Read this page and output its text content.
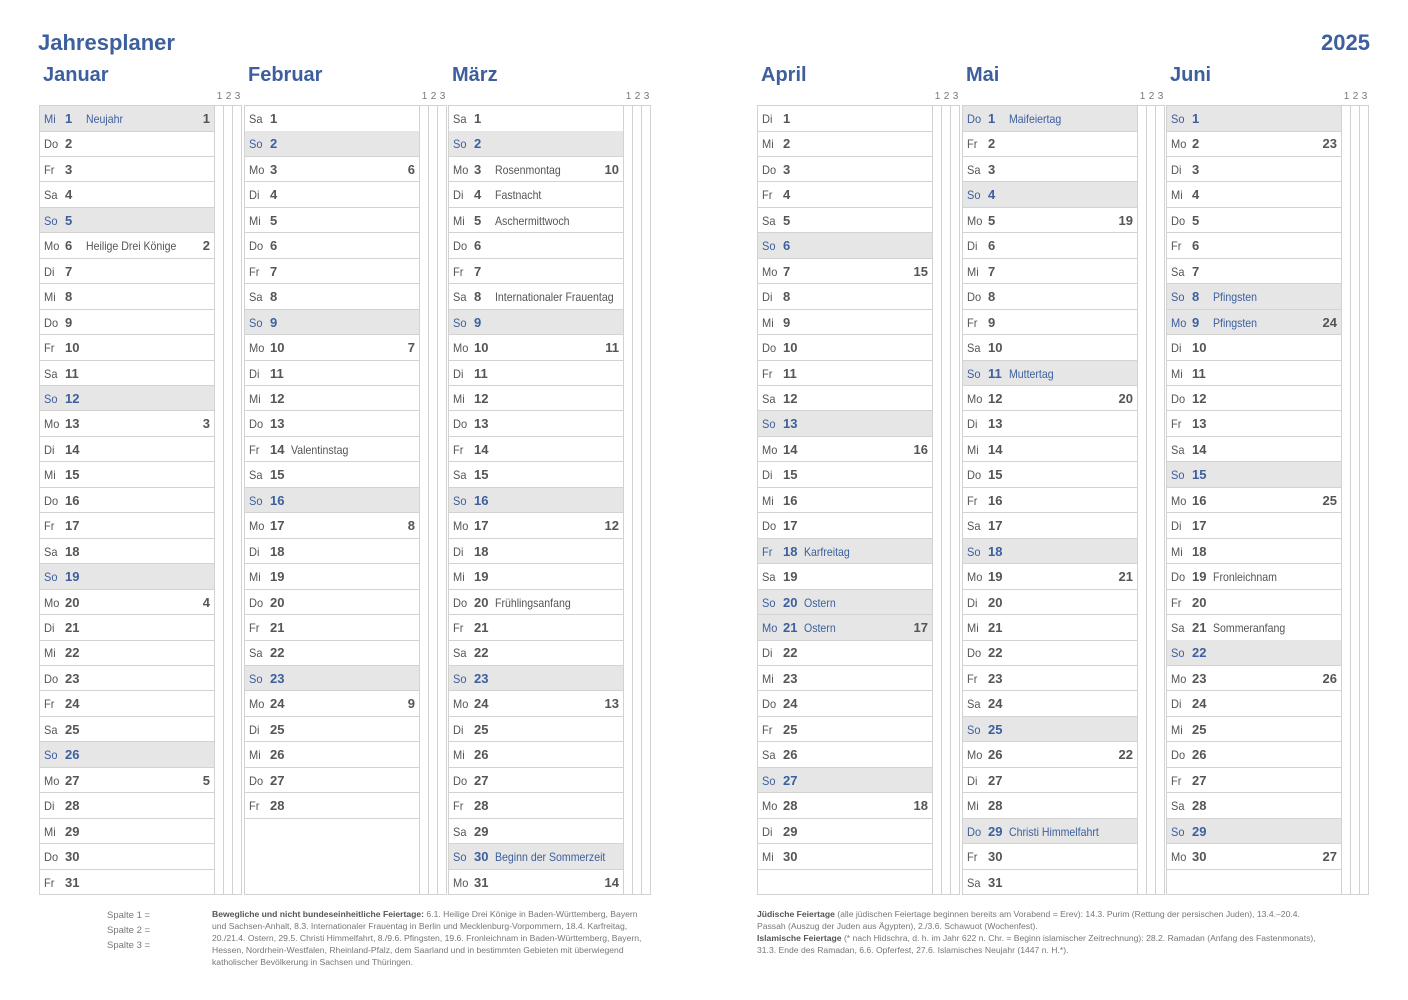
Jahresplaner	2025
Januar
1 2 3
Mi 1 Neujahr	1
Do 2
Fr 3
Sa 4
So 5
Mo 6 Heilige Drei Könige 2
Di 7
Mi 8
Do 9
Fr 10
Sa 11
So 12
Mo 13	3
Di 14
Mi 15
Do 16
Fr 17
Sa 18
So 19
Mo 20	4
Di 21
Mi 22
Do 23
Fr 24
Sa 25
So 26
Mo 27	5
Di 28
Mi 29
Do 30
Fr 31
Februar
1 2 3
Sa 1
So 2
Mo 3	6
Di 4
Mi 5
Do 6
Fr 7
Sa 8
So 9
Mo 10	7
Di 11
Mi 12
Do 13
Fr 14 Valentinstag
Sa 15
So 16
Mo 17	8
Di 18
Mi 19
Do 20
Fr 21
Sa 22
So 23
Mo 24	9
Di 25
Mi 26
Do 27
Fr 28
März
1 2 3
Sa 1
So 2
Mo 3 Rosenmontag	10
Di 4 Fastnacht
Mi 5 Aschermittwoch
Do 6
Fr 7
Sa 8 Internationaler Frauentag
So 9
Mo 10	11
Di 11
Mi 12
Do 13
Fr 14
Sa 15
So 16
Mo 17	12
Di 18
Mi 19
Do 20 Frühlingsanfang
Fr 21
Sa 22
So 23
Mo 24	13
Di 25
Mi 26
Do 27
Fr 28
Sa 29
So 30 Beginn der Sommerzeit
Mo 31	14
April
1 2 3
Di 1
Mi 2
Do 3
Fr 4
Sa 5
So 6
Mo 7	15
Di 8
Mi 9
Do 10
Fr 11
Sa 12
So 13
Mo 14	16
Di 15
Mi 16
Do 17
Fr 18 Karfreitag
Sa 19
So 20 Ostern
Mo 21 Ostern	17
Di 22
Mi 23
Do 24
Fr 25
Sa 26
So 27
Mo 28	18
Di 29
Mi 30
Mai
1 2 3
Do 1 Maifeiertag
Fr 2
Sa 3
So 4
Mo 5	19
Di 6
Mi 7
Do 8
Fr 9
Sa 10
So 11 Muttertag
Mo 12	20
Di 13
Mi 14
Do 15
Fr 16
Sa 17
So 18
Mo 19	21
Di 20
Mi 21
Do 22
Fr 23
Sa 24
So 25
Mo 26	22
Di 27
Mi 28
Do 29 Christi Himmelfahrt
Fr 30
Sa 31
Juni
1 2 3
So 1
Mo 2	23
Di 3
Mi 4
Do 5
Fr 6
Sa 7
So 8 Pfingsten
Mo 9 Pfingsten	24
Di 10
Mi 11
Do 12
Fr 13
Sa 14
So 15
Mo 16	25
Di 17
Mi 18
Do 19 Fronleichnam
Fr 20
Sa 21 Sommeranfang
So 22
Mo 23	26
Di 24
Mi 25
Do 26
Fr 27
Sa 28
So 29
Mo 30	27
Spalte 1 =
Spalte 2 =
Spalte 3 =
Bewegliche und nicht bundeseinheitliche Feiertage: 6.1. Heilige Drei Könige in Baden-Württemberg, Bayern und Sachsen-Anhalt, 8.3. Internationaler Frauentag in Berlin und Mecklenburg-Vorpommern, 18.4. Karfreitag, 20./21.4. Ostern, 29.5. Christi Himmelfahrt, 8./9.6. Pfingsten, 19.6. Fronleichnam in Baden-Württemberg, Bayern, Hessen, Nordrhein-Westfalen, Rheinland-Pfalz, dem Saarland und in bestimmten Gebieten mit überwiegend katholischer Bevölkerung in Sachsen und Thüringen.
Jüdische Feiertage (alle jüdischen Feiertage beginnen bereits am Vorabend = Erev): 14.3. Purim (Rettung der persischen Juden), 13.4.–20.4. Passah (Auszug der Juden aus Ägypten), 2./3.6. Schawuot (Wochenfest).
Islamische Feiertage (* nach Hidschra, d. h. im Jahr 622 n. Chr. = Beginn islamischer Zeitrechnung): 28.2. Ramadan (Anfang des Fastenmonats), 31.3. Ende des Ramadan, 6.6. Opferfest, 27.6. Islamisches Neujahr (1447 n. H.*).
